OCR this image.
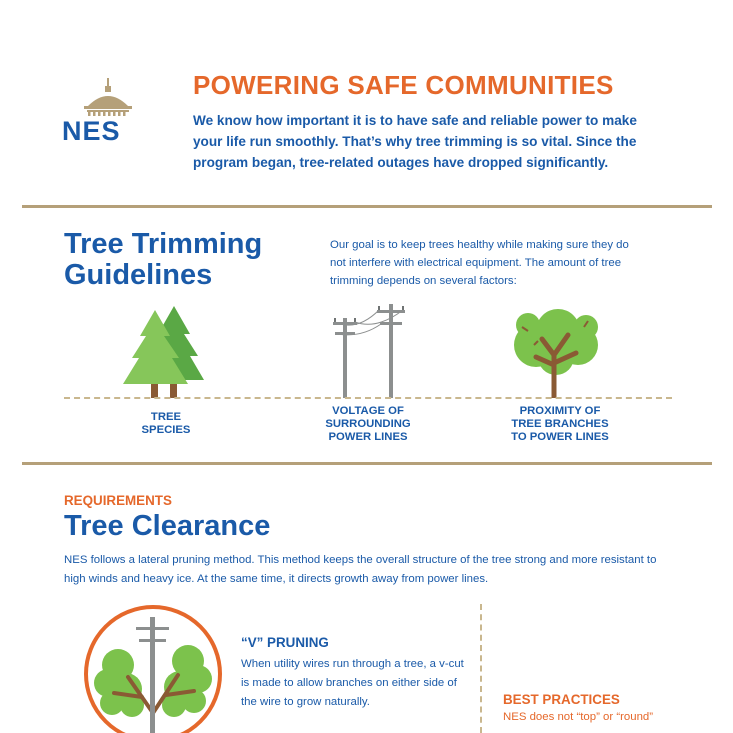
NES
POWERING SAFE COMMUNITIES
We know how important it is to have safe and reliable power to make your life run smoothly. That’s why tree trimming is so vital. Since the program began, tree-related outages have dropped significantly.
Tree Trimming
Guidelines
Our goal is to keep trees healthy while making sure they do not interfere with electrical equipment. The amount of tree trimming depends on several factors:
TREE
SPECIES
VOLTAGE OF
SURROUNDING
POWER LINES
PROXIMITY OF
TREE BRANCHES
TO POWER LINES
REQUIREMENTS
Tree Clearance
NES follows a lateral pruning method. This method keeps the overall structure of the tree strong and more resistant to high winds and heavy ice. At the same time, it directs growth away from power lines.
“V” PRUNING
When utility wires run through a tree, a v-cut is made to allow branches on either side of the wire to grow naturally.	BEST PRACTICES
NES does not “top” or “round”
